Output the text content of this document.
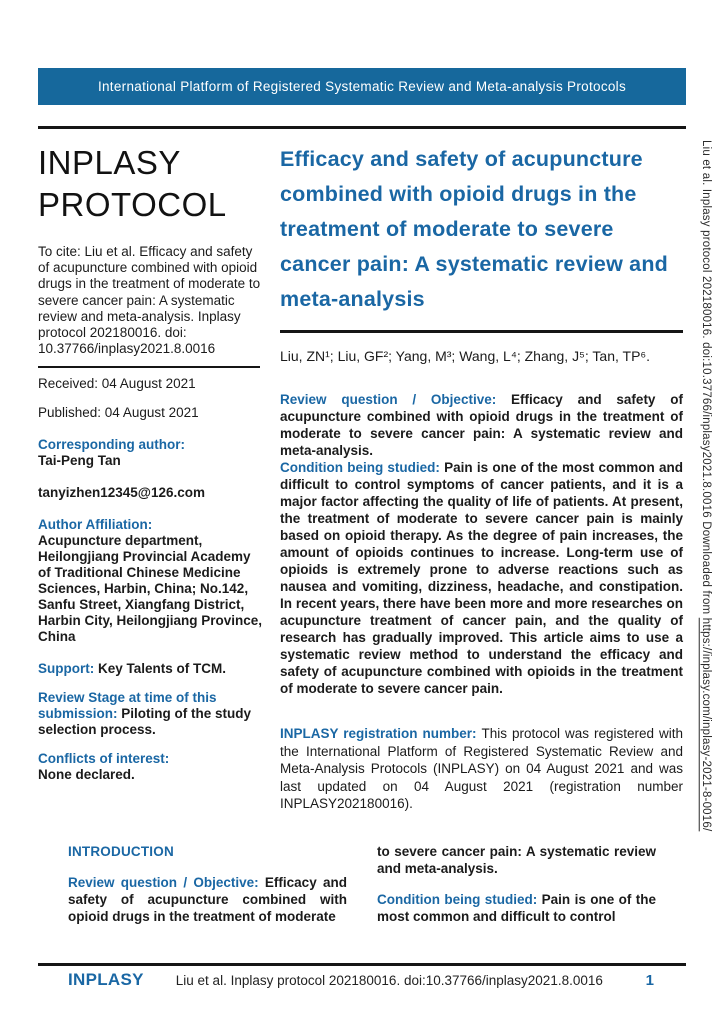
International Platform of Registered Systematic Review and Meta-analysis Protocols
INPLASY
PROTOCOL

To cite: Liu et al. Efficacy and safety of acupuncture combined with opioid drugs in the treatment of moderate to severe cancer pain: A systematic review and meta-analysis. Inplasy protocol 202180016. doi: 10.37766/inplasy2021.8.0016

Received: 04 August 2021

Published: 04 August 2021

Corresponding author:
Tai-Peng Tan

tanyizhen12345@126.com

Author Affiliation:
Acupuncture department, Heilongjiang Provincial Academy of Traditional Chinese Medicine Sciences, Harbin, China; No.142, Sanfu Street, Xiangfang District, Harbin City, Heilongjiang Province, China

Support: Key Talents of TCM.

Review Stage at time of this submission: Piloting of the study selection process.

Conflicts of interest:
None declared.

Efficacy and safety of acupuncture combined with opioid drugs in the treatment of moderate to severe cancer pain: A systematic review and meta-analysis

Liu, ZN¹; Liu, GF²; Yang, M³; Wang, L⁴; Zhang, J⁵; Tan, TP⁶.

Review question / Objective: Efficacy and safety of acupuncture combined with opioid drugs in the treatment of moderate to severe cancer pain: A systematic review and meta-analysis.

Condition being studied: Pain is one of the most common and difficult to control symptoms of cancer patients, and it is a major factor affecting the quality of life of patients. At present, the treatment of moderate to severe cancer pain is mainly based on opioid therapy. As the degree of pain increases, the amount of opioids continues to increase. Long-term use of opioids is extremely prone to adverse reactions such as nausea and vomiting, dizziness, headache, and constipation. In recent years, there have been more and more researches on acupuncture treatment of cancer pain, and the quality of research has gradually improved. This article aims to use a systematic review method to understand the efficacy and safety of acupuncture combined with opioids in the treatment of moderate to severe cancer pain.

INPLASY registration number: This protocol was registered with the International Platform of Registered Systematic Review and Meta-Analysis Protocols (INPLASY) on 04 August 2021 and was last updated on 04 August 2021 (registration number INPLASY202180016).

INTRODUCTION

Review question / Objective: Efficacy and safety of acupuncture combined with opioid drugs in the treatment of moderate

to severe cancer pain: A systematic review and meta-analysis.

Condition being studied: Pain is one of the most common and difficult to control

INPLASY Liu et al. Inplasy protocol 202180016. doi:10.37766/inplasy2021.8.0016	1
Liu et al. Inplasy protocol 202180016. doi:10.37766/inplasy2021.8.0016 Downloaded from https://inplasy.com/inplasy-2021-8-0016/
